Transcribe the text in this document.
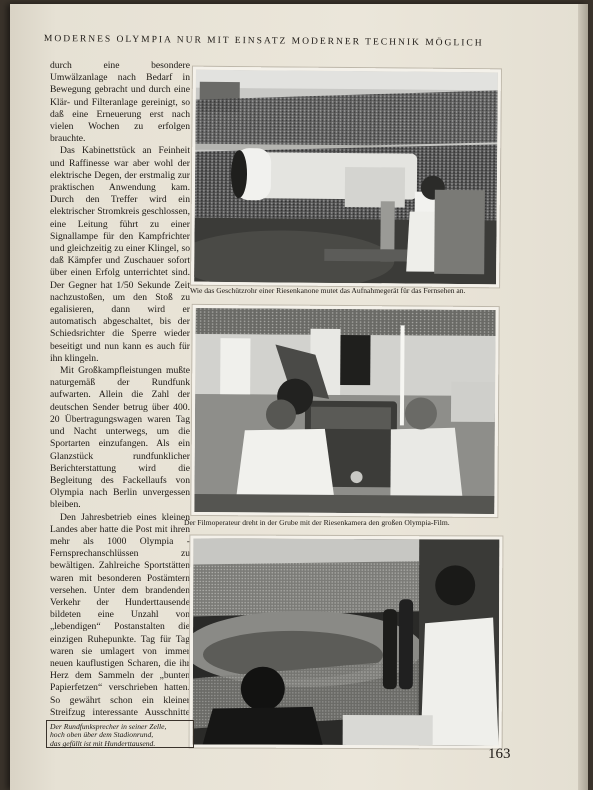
MODERNES OLYMPIA NUR MIT EINSATZ MODERNER TECHNIK MÖGLICH

durch eine besondere Umwälzanlage nach Bedarf in Bewegung gebracht und durch eine Klär- und Filteranlage gereinigt, so daß eine Erneuerung erst nach vielen Wochen zu erfolgen brauchte.

Das Kabinettstück an Feinheit und Raffinesse war aber wohl der elektrische Degen, der erstmalig zur praktischen Anwendung kam. Durch den Treffer wird ein elektrischer Stromkreis geschlossen, eine Leitung führt zu einer Signallampe für den Kampfrichter und gleichzeitig zu einer Klingel, so daß Kämpfer und Zuschauer sofort über einen Erfolg unterrichtet sind. Der Gegner hat 1/50 Sekunde Zeit nachzustoßen, um den Stoß zu egalisieren, dann wird er automatisch abgeschaltet, bis der Schiedsrichter die Sperre wieder beseitigt und nun kann es auch für ihn klingeln.

Mit Großkampfleistungen mußte naturgemäß der Rundfunk aufwarten. Allein die Zahl der deutschen Sender betrug über 400. 20 Übertragungswagen waren Tag und Nacht unterwegs, um die Sportarten einzufangen. Als ein Glanzstück rundfunklicher Berichterstattung wird die Begleitung des Fackellaufs von Olympia nach Berlin unvergessen bleiben.

Den Jahresbetrieb eines kleinen Landes aber hatte die Post mit ihren mehr als 1000 Olympia - Fernsprechanschlüssen zu bewältigen. Zahlreiche Sportstätten waren mit besonderen Postämtern versehen. Unter dem brandenden Verkehr der Hunderttausende bildeten eine Unzahl von „lebendigen“ Postanstalten die einzigen Ruhepunkte. Tag für Tag waren sie umlagert von immer neuen kauflustigen Scharen, die ihr Herz dem Sammeln der „bunten Papierfetzen“ verschrieben hatten. So gewährt schon ein kleiner Streifzug interessante Ausschnitte

Wie das Geschützrohr einer Riesenkanone mutet das Aufnahmegerät für das Fernsehen an.
Der Filmoperateur dreht in der Grube mit der Riesenkamera den großen Olympia-Film.
Der Rundfunksprecher in seiner Zelle,
hoch oben über dem Stadionrund,
das gefüllt ist mit Hunderttausend.
163
